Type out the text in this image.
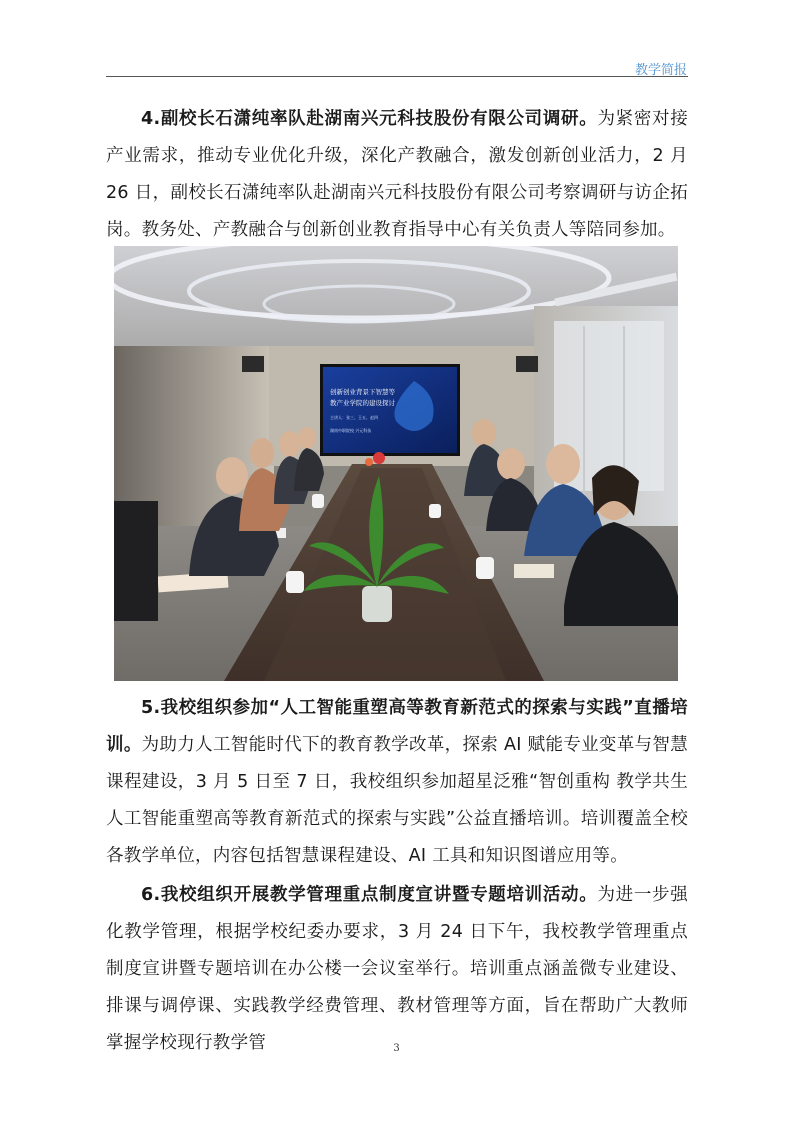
教学简报

4.副校长石潇纯率队赴湖南兴元科技股份有限公司调研。为紧密对接产业需求，推动专业优化升级，深化产教融合，激发创新创业活力，2 月 26 日，副校长石潇纯率队赴湖南兴元科技股份有限公司考察调研与访企拓岗。教务处、产教融合与创新创业教育指导中心有关负责人等陪同参加。

创新创业背景下智慧等
教产业学院的建设探讨
主讲人：张三、王五、赵四
湖南中职院校 兴元科技

5.我校组织参加“人工智能重塑高等教育新范式的探索与实践”直播培训。为助力人工智能时代下的教育教学改革，探索 AI 赋能专业变革与智慧课程建设，3 月 5 日至 7 日，我校组织参加超星泛雅“智创重构 教学共生 人工智能重塑高等教育新范式的探索与实践”公益直播培训。培训覆盖全校各教学单位，内容包括智慧课程建设、AI 工具和知识图谱应用等。

6.我校组织开展教学管理重点制度宣讲暨专题培训活动。为进一步强化教学管理，根据学校纪委办要求，3 月 24 日下午，我校教学管理重点制度宣讲暨专题培训在办公楼一会议室举行。培训重点涵盖微专业建设、排课与调停课、实践教学经费管理、教材管理等方面，旨在帮助广大教师掌握学校现行教学管	3
